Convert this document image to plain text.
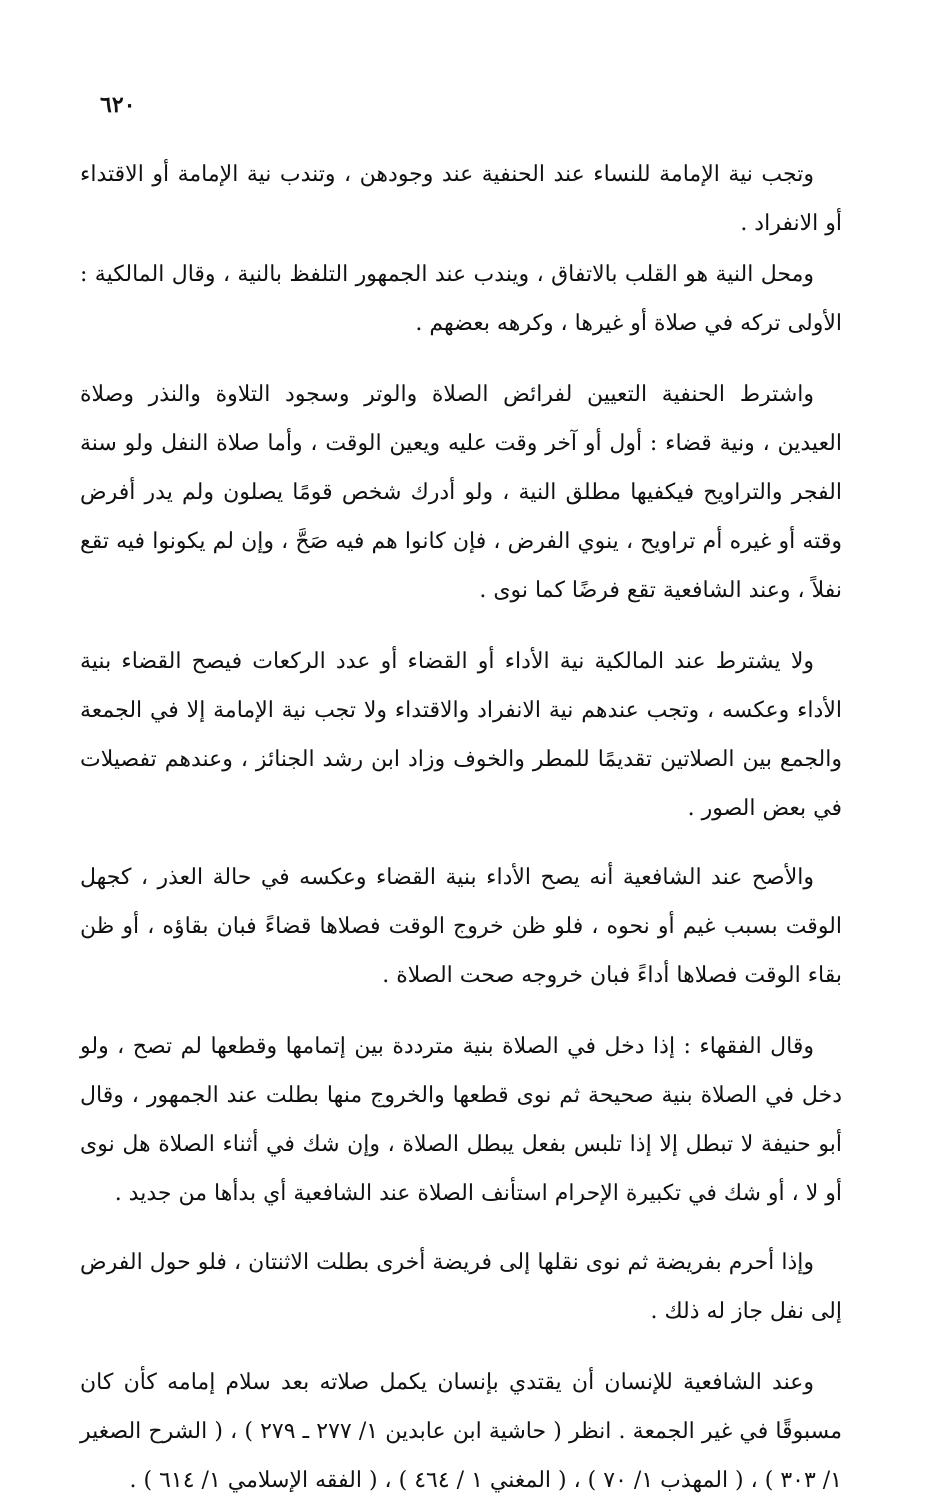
٦٢٠

وتجب نية الإمامة للنساء عند الحنفية عند وجودهن ، وتندب نية الإمامة أو الاقتداء أو الانفراد .

ومحل النية هو القلب بالاتفاق ، ويندب عند الجمهور التلفظ بالنية ، وقال المالكية : الأولى تركه في صلاة أو غيرها ، وكرهه بعضهم .

واشترط الحنفية التعيين لفرائض الصلاة والوتر وسجود التلاوة والنذر وصلاة العيدين ، ونية قضاء : أول أو آخر وقت عليه ويعين الوقت ، وأما صلاة النفل ولو سنة الفجر والتراويح فيكفيها مطلق النية ، ولو أدرك شخص قومًا يصلون ولم يدر أفرض وقته أو غيره أم تراويح ، ينوي الفرض ، فإن كانوا هم فيه صَحَّ ، وإن لم يكونوا فيه تقع نفلاً ، وعند الشافعية تقع فرضًا كما نوى .

ولا يشترط عند المالكية نية الأداء أو القضاء أو عدد الركعات فيصح القضاء بنية الأداء وعكسه ، وتجب عندهم نية الانفراد والاقتداء ولا تجب نية الإمامة إلا في الجمعة والجمع بين الصلاتين تقديمًا للمطر والخوف وزاد ابن رشد الجنائز ، وعندهم تفصيلات في بعض الصور .

والأصح عند الشافعية أنه يصح الأداء بنية القضاء وعكسه في حالة العذر ، كجهل الوقت بسبب غيم أو نحوه ، فلو ظن خروج الوقت فصلاها قضاءً فبان بقاؤه ، أو ظن بقاء الوقت فصلاها أداءً فبان خروجه صحت الصلاة .

وقال الفقهاء : إذا دخل في الصلاة بنية مترددة بين إتمامها وقطعها لم تصح ، ولو دخل في الصلاة بنية صحيحة ثم نوى قطعها والخروج منها بطلت عند الجمهور ، وقال أبو حنيفة لا تبطل إلا إذا تلبس بفعل يبطل الصلاة ، وإن شك في أثناء الصلاة هل نوى أو لا ، أو شك في تكبيرة الإحرام استأنف الصلاة عند الشافعية أي بدأها من جديد .

وإذا أحرم بفريضة ثم نوى نقلها إلى فريضة أخرى بطلت الاثنتان ، فلو حول الفرض إلى نفل جاز له ذلك .

وعند الشافعية للإنسان أن يقتدي بإنسان يكمل صلاته بعد سلام إمامه كأن كان مسبوقًا في غير الجمعة . انظر ( حاشية ابن عابدين ١/ ٢٧٧ ـ ٢٧٩ ) ، ( الشرح الصغير ١/ ٣٠٣ ) ، ( المهذب ١/ ٧٠ ) ، ( المغني ١ / ٤٦٤ ) ، ( الفقه الإسلامي ١/ ٦١٤ ) .
